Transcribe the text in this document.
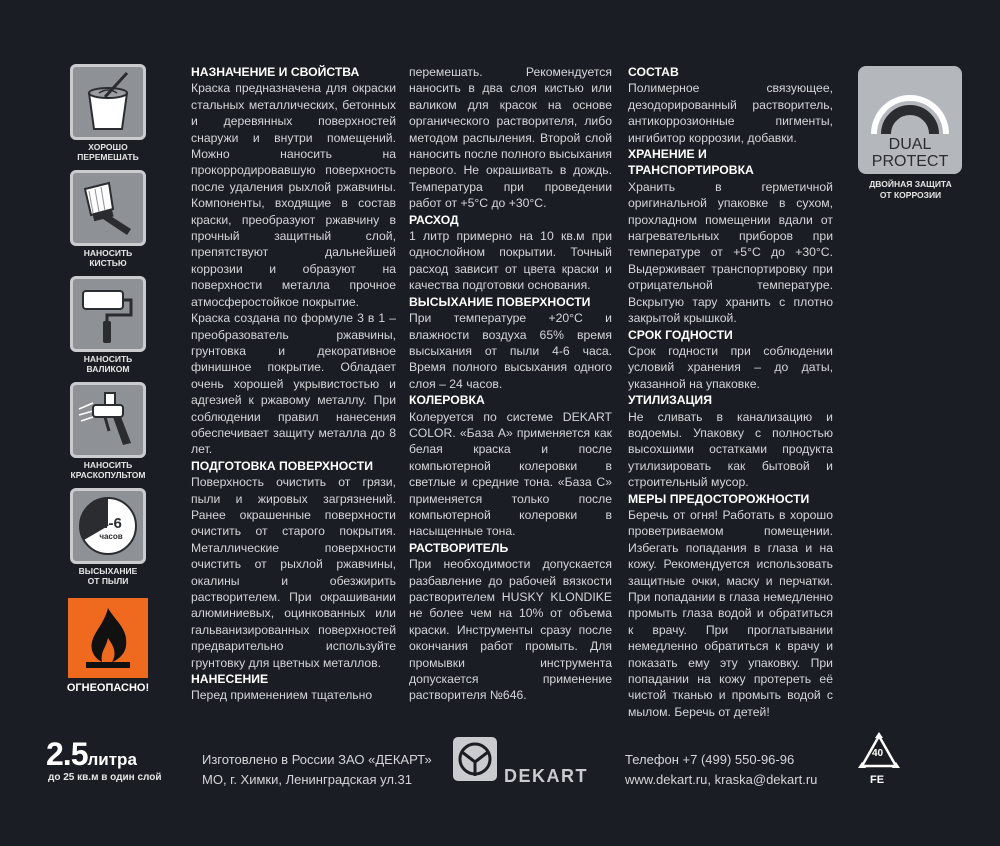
ХОРОШО
ПЕРЕМЕШАТЬ
НАНОСИТЬ
КИСТЬЮ
НАНОСИТЬ
ВАЛИКОМ
НАНОСИТЬ
КРАСКОПУЛЬТОМ
4-6
часов
ВЫСЫХАНИЕ
ОТ ПЫЛИ
ОГНЕОПАСНО!
НАЗНАЧЕНИЕ И СВОЙСТВА

Краска предназначена для окраски стальных металлических, бетонных и деревянных поверхностей снаружи и внутри помещений. Можно наносить на прокорродировавшую поверхность после удаления рыхлой ржавчины. Компоненты, входящие в состав краски, преобразуют ржавчину в прочный защитный слой, препятствуют дальнейшей коррозии и образуют на поверхности металла прочное атмосферостойкое покрытие.

Краска создана по формуле 3 в 1 – преобразователь ржавчины, грунтовка и декоративное финишное покрытие. Обладает очень хорошей укрывистостью и адгезией к ржавому металлу. При соблюдении правил нанесения обеспечивает защиту металла до 8 лет.

ПОДГОТОВКА ПОВЕРХНОСТИ

Поверхность очистить от грязи, пыли и жировых загрязнений. Ранее окрашенные поверхности очистить от старого покрытия. Металлические поверхности очистить от рыхлой ржавчины, окалины и обезжирить растворителем. При окрашивании алюминиевых, оцинкованных или гальванизированных поверхностей предварительно используйте грунтовку для цветных металлов.

НАНЕСЕНИЕ

Перед применением тщательно

перемешать. Рекомендуется наносить в два слоя кистью или валиком для красок на основе органического растворителя, либо методом распыления. Второй слой наносить после полного высыхания первого. Не окрашивать в дождь. Температура при проведении работ от +5°С до +30°С.

РАСХОД

1 литр примерно на 10 кв.м при однослойном покрытии. Точный расход зависит от цвета краски и качества подготовки основания.

ВЫСЫХАНИЕ ПОВЕРХНОСТИ

При температуре +20°С и влажности воздуха 65% время высыхания от пыли 4-6 часа. Время полного высыхания одного слоя – 24 часов.

КОЛЕРОВКА

Колеруется по системе DEKART COLOR. «База А» применяется как белая краска и после компьютерной колеровки в светлые и средние тона. «База С» применяется только после компьютерной колеровки в насыщенные тона.

РАСТВОРИТЕЛЬ

При необходимости допускается разбавление до рабочей вязкости растворителем HUSKY KLONDIKE не более чем на 10% от объема краски. Инструменты сразу после окончания работ промыть. Для промывки инструмента допускается применение растворителя №646.

СОСТАВ

Полимерное связующее, дезодорированный растворитель, антикоррозионные пигменты, ингибитор коррозии, добавки.

ХРАНЕНИЕ И ТРАНСПОРТИРОВКА

Хранить в герметичной оригинальной упаковке в сухом, прохладном помещении вдали от нагревательных приборов при температуре от +5°С до +30°С. Выдерживает транспортировку при отрицательной температуре. Вскрытую тару хранить с плотно закрытой крышкой.

СРОК ГОДНОСТИ

Срок годности при соблюдении условий хранения – до даты, указанной на упаковке.

УТИЛИЗАЦИЯ

Не сливать в канализацию и водоемы. Упаковку с полностью высохшими остатками продукта утилизировать как бытовой и строительный мусор.

МЕРЫ ПРЕДОСТОРОЖНОСТИ

Беречь от огня! Работать в хорошо проветриваемом помещении. Избегать попадания в глаза и на кожу. Рекомендуется использовать защитные очки, маску и перчатки. При попадании в глаза немедленно промыть глаза водой и обратиться к врачу. При проглатывании немедленно обратиться к врачу и показать ему эту упаковку. При попадании на кожу протереть её чистой тканью и промыть водой с мылом. Беречь от детей!

DUAL
PROTECT
ДВОЙНАЯ ЗАЩИТА
ОТ КОРРОЗИИ
2.5литра
до 25 кв.м в один слой
Изготовлено в России ЗАО «ДЕКАРТ»
МО, г. Химки, Ленинградская ул.31	DEKART
Телефон +7 (499) 550-96-96
www.dekart.ru, kraska@dekart.ru
40
FE
